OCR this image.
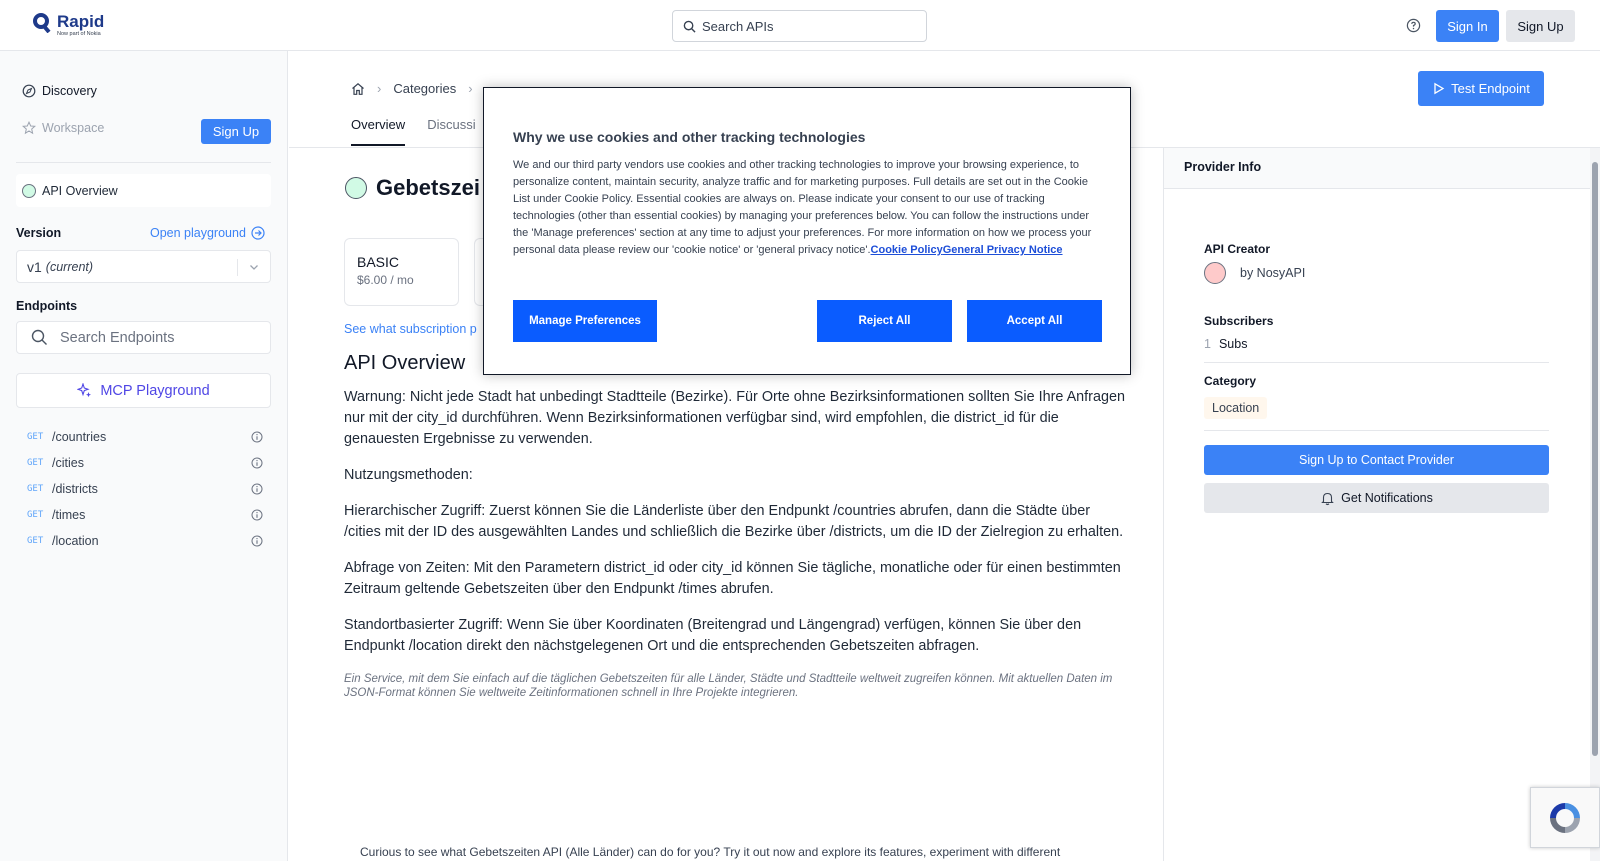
Rapid
Now part of Nokia
Search APIs	Sign In	Sign Up
Discovery
Workspace	Sign Up
API Overview
Version	Open playground
v1 (current)
Endpoints
Search Endpoints
MCP Playground
GET /countries
GET /cities
GET /districts
GET /times
GET /location
› Categories ›
Overview Discussi
Test Endpoint
Gebetszei
BASIC
$6.00 / mo
See what subscription p
API Overview

Warnung: Nicht jede Stadt hat unbedingt Stadtteile (Bezirke). Für Orte ohne Bezirksinformationen sollten Sie Ihre Anfragen nur mit der city_id durchführen. Wenn Bezirksinformationen verfügbar sind, wird empfohlen, die district_id für die genauesten Ergebnisse zu verwenden.

Nutzungsmethoden:

Hierarchischer Zugriff: Zuerst können Sie die Länderliste über den Endpunkt /countries abrufen, dann die Städte über /cities mit der ID des ausgewählten Landes und schließlich die Bezirke über /districts, um die ID der Zielregion zu erhalten.

Abfrage von Zeiten: Mit den Parametern district_id oder city_id können Sie tägliche, monatliche oder für einen bestimmten Zeitraum geltende Gebetszeiten über den Endpunkt /times abrufen.

Standortbasierter Zugriff: Wenn Sie über Koordinaten (Breitengrad und Längengrad) verfügen, können Sie über den Endpunkt /location direkt den nächstgelegenen Ort und die entsprechenden Gebetszeiten abfragen.

Ein Service, mit dem Sie einfach auf die täglichen Gebetszeiten für alle Länder, Städte und Stadtteile weltweit zugreifen können. Mit aktuellen Daten im JSON-Format können Sie weltweite Zeitinformationen schnell in Ihre Projekte integrieren.
Curious to see what Gebetszeiten API (Alle Länder) can do for you? Try it out now and explore its features, experiment with different
Provider Info
API Creator
by NosyAPI
Subscribers
1 Subs
Category
Location
Sign Up to Contact Provider
Get Notifications
Why we use cookies and other tracking technologies
We and our third party vendors use cookies and other tracking technologies to improve your browsing experience, to personalize content, maintain security, analyze traffic and for marketing purposes. Full details are set out in the Cookie List under Cookie Policy. Essential cookies are always on. Please indicate your consent to our use of tracking technologies (other than essential cookies) by managing your preferences below. You can follow the instructions under the 'Manage preferences' section at any time to adjust your preferences. For more information on how we process your personal data please review our 'cookie notice' or 'general privacy notice'.Cookie PolicyGeneral Privacy Notice
Manage Preferences	Reject All	Accept All
